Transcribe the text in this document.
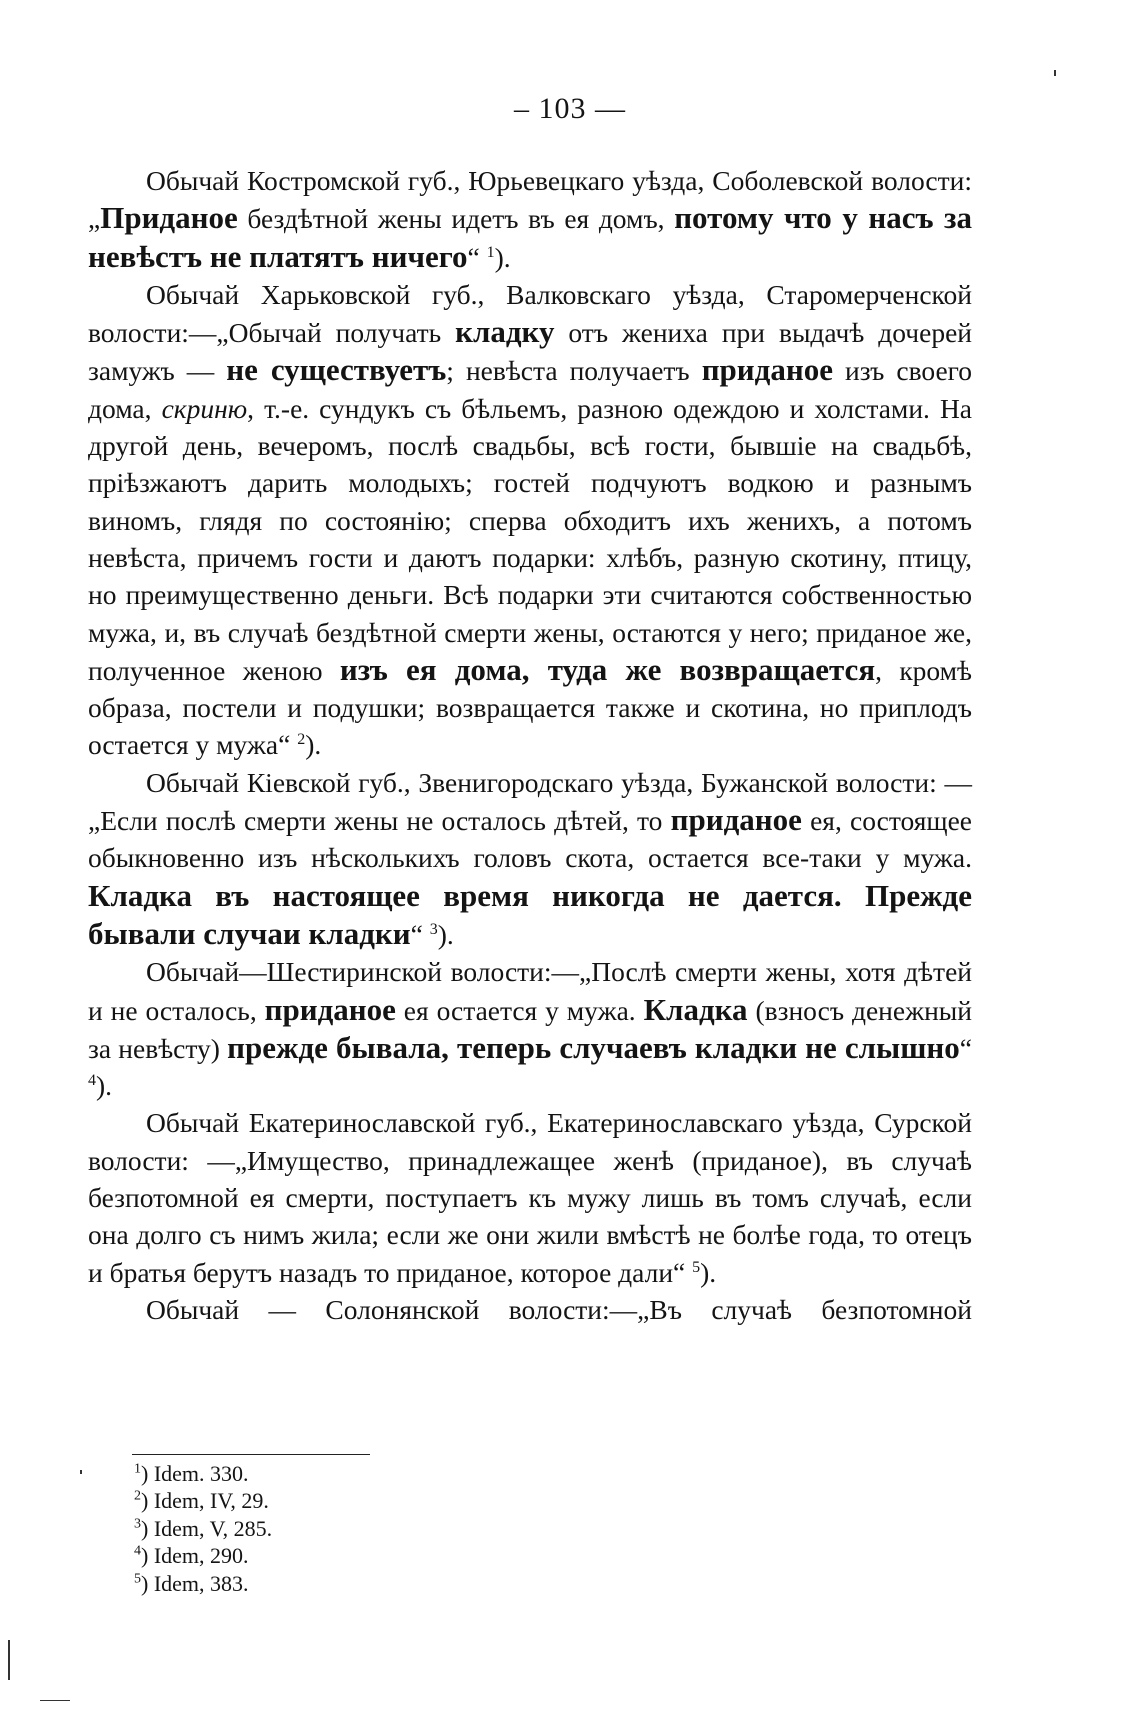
– 103 —

Обычай Костромской губ., Юрьевецкаго уѣзда, Соболевской волости: „Приданое бездѣтной жены идетъ въ ея домъ, потому что у насъ за невѣстъ не платятъ ничего“ $^1$).

Обычай Харьковской губ., Валковскаго уѣзда, Старомерченской волости:—„Обычай получать кладку отъ жениха при выдачѣ дочерей замужъ — не существуетъ; невѣста получаетъ приданое изъ своего дома, скриню, т.-е. сундукъ съ бѣльемъ, разною одеждою и холстами. На другой день, вечеромъ, послѣ свадьбы, всѣ гости, бывшіе на свадьбѣ, пріѣзжаютъ дарить молодыхъ; гостей подчуютъ водкою и разнымъ виномъ, глядя по состоянію; сперва обходитъ ихъ женихъ, а потомъ невѣста, причемъ гости и даютъ подарки: хлѣбъ, разную скотину, птицу, но преимущественно деньги. Всѣ подарки эти считаются собственностью мужа, и, въ случаѣ бездѣтной смерти жены, остаются у него; приданое же, полученное женою изъ ея дома, туда же возвращается, кромѣ образа, постели и подушки; возвращается также и скотина, но приплодъ остается у мужа“ $^2$).

Обычай Кіевской губ., Звенигородскаго уѣзда, Бужанской волости: —„Если послѣ смерти жены не осталось дѣтей, то приданое ея, состоящее обыкновенно изъ нѣсколькихъ головъ скота, остается все-таки у мужа. Кладка въ настоящее время никогда не дается. Прежде бывали случаи кладки“ $^3$).

Обычай—Шестиринской волости:—„Послѣ смерти жены, хотя дѣтей и не осталось, приданое ея остается у мужа. Кладка (взносъ денежный за невѣсту) прежде бывала, теперь случаевъ кладки не слышно“ $^4$).

Обычай Екатеринославской губ., Екатеринославскаго уѣзда, Сурской волости: —„Имущество, принадлежащее женѣ (приданое), въ случаѣ безпотомной ея смерти, поступаетъ къ мужу лишь въ томъ случаѣ, если она долго съ нимъ жила; если же они жили вмѣстѣ не болѣе года, то отецъ и братья берутъ назадъ то приданое, которое дали“ $^5$).

Обычай — Солонянской волости:—„Въ случаѣ безпотомной

$^1$) Idem. 330.
$^2$) Idem, IV, 29.
$^3$) Idem, V, 285.
$^4$) Idem, 290.
$^5$) Idem, 383.
